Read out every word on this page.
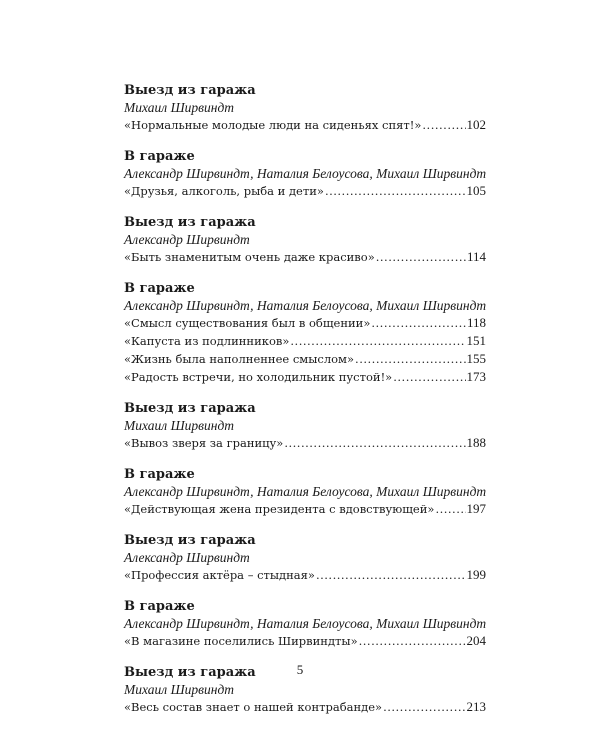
Выезд из гаража
Михаил Ширвиндт
«Нормальные молодые люди на сиденьях спят!» .....	102
В гараже
Александр Ширвиндт, Наталия Белоусова, Михаил Ширвиндт
«Друзья, алкоголь, рыба и дети» .....	105
Выезд из гаража
Александр Ширвиндт
«Быть знаменитым очень даже красиво» .....	114
В гараже
Александр Ширвиндт, Наталия Белоусова, Михаил Ширвиндт
«Смысл существования был в общении» .....	118
«Капуста из подлинников» .....	151
«Жизнь была наполненнее смыслом» .....	155
«Радость встречи, но холодильник пустой!» .....	173
Выезд из гаража
Михаил Ширвиндт
«Вывоз зверя за границу» .....	188
В гараже
Александр Ширвиндт, Наталия Белоусова, Михаил Ширвиндт
«Действующая жена президента с вдовствующей» ..... 197
Выезд из гаража
Александр Ширвиндт
«Профессия актёра – стыдная» .....	199
В гараже
Александр Ширвиндт, Наталия Белоусова, Михаил Ширвиндт
«В магазине поселились Ширвиндты» .....	204
Выезд из гаража
Михаил Ширвиндт
«Весь состав знает о нашей контрабанде» .....	213
5
